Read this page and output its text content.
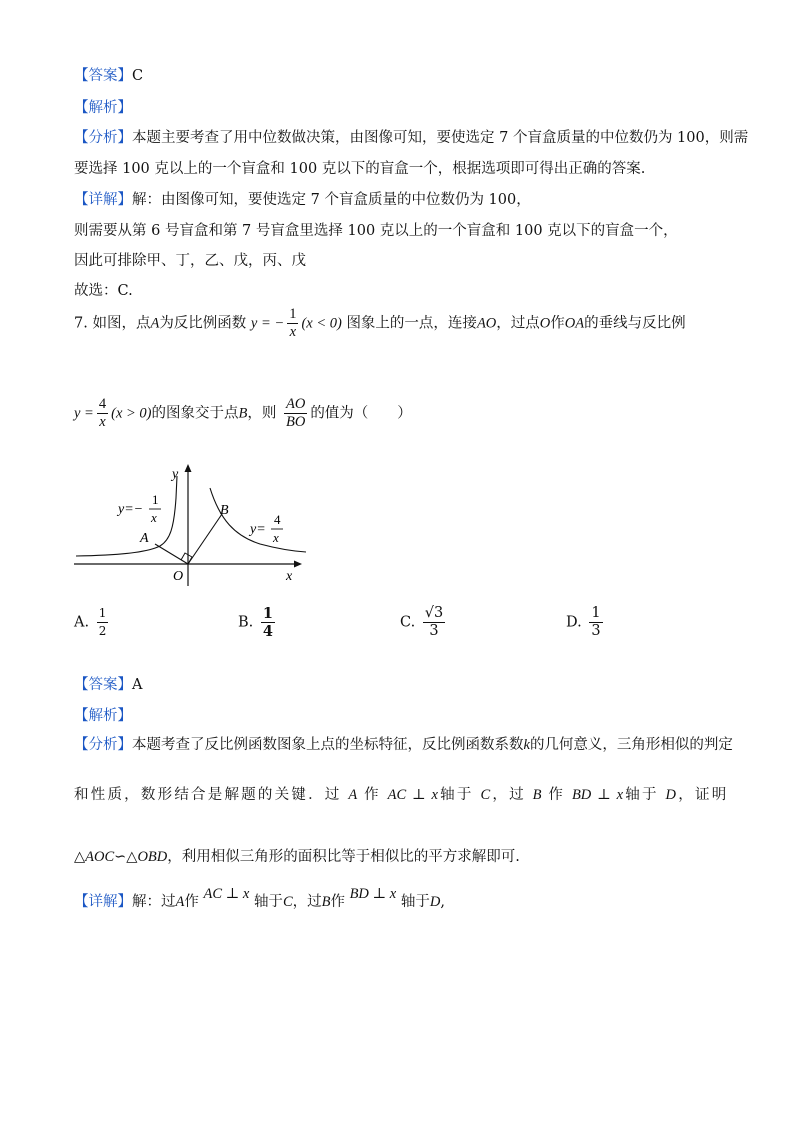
【答案】C
【解析】
【分析】本题主要考查了用中位数做决策，由图像可知，要使选定 7 个盲盒质量的中位数仍为 100，则需
要选择 100 克以上的一个盲盒和 100 克以下的盲盒一个，根据选项即可得出正确的答案.
【详解】解：由图像可知，要使选定 7 个盲盒质量的中位数仍为 100，
则需要从第 6 号盲盒和第 7 号盲盒里选择 100 克以上的一个盲盒和 100 克以下的盲盒一个，
因此可排除甲、丁，乙、戊，丙、戊
故选：C.
7. 如图，点A为反比例函数 y = − $\frac{1}{x} (x < 0)$ 图象上的一点，连接AO，过点O作OA的垂线与反比例
$y = \frac{4}{x} (x > 0)$的图象交于点B，则 $\frac{AO}{BO}$ 的值为（　　）
y
x
O
A
B
y=−
1
x
y=
4
x
A. $\frac{1}{2}$	B. $\frac{1}{4}$	C. $\frac{√3}{3}$	D. $\frac{1}{3}$
【答案】A
【解析】
【分析】本题考查了反比例函数图象上点的坐标特征，反比例函数系数k的几何意义，三角形相似的判定
和性质，数形结合是解题的关键．过 A 作 AC ⊥ x轴于 C，过 B 作 BD ⊥ x轴于 D，证明
△AOC∽△OBD，利用相似三角形的面积比等于相似比的平方求解即可.
【详解】解：过A作 AC ⊥ x 轴于C，过B作 BD ⊥ x 轴于D,
